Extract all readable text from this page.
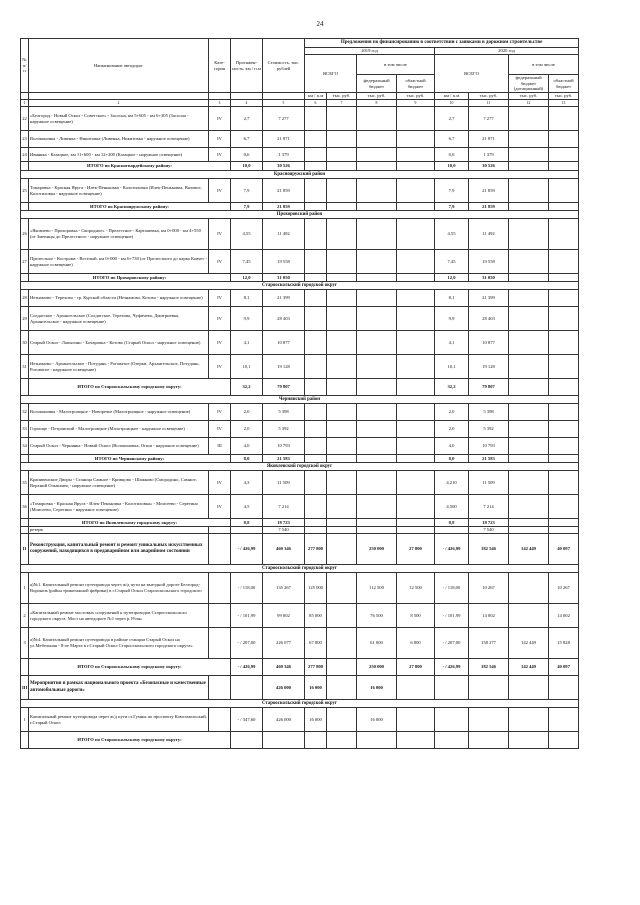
24
№ п/п	Наименование автодорог	Кате-гория	Протяжен-ность, км / п.м	Стоимость, тыс. рублей	Предложения по финансированию в соответствии с заявками в дорожном строительстве							
					2019 год				2020 год			
					ВСЕГО		в том числе		ВСЕГО		в том числе	
							федеральный бюджет	областной бюджет			федеральный бюджет (дотационный)	областной бюджет
					км / п.м	тыс. руб.	тыс. руб.	тыс. руб.	км / п.м	тыс. руб.	тыс. руб.	тыс. руб.
1	2	3	4	5	6	7	8	9	10	11	12	13
22	«Белгород - Новый Оскол - Советское» - Засосна, км 5+605 - км 6+305 (Засосна - наружное освещение)	IV	2,7	7 277					2,7	7 277		
23	Волоконовка - Ливенка - Никитовка (Ливенка, Никитовка - наружное освещение)	IV	6,7	21 871					6,7	21 871		
24	Ивнянка - Казацкое, км 11+600 - км 12+200 (Казацкое - наружное освещение)	IV	0,6	1 379					0,6	1 379		
	ИТОГО по Красногвардейскому району:		10,0	30 526					10,0	30 526		
Краснояружский район												
25	Томаровка - Красная Яруга - Илек-Пеньковка - Колотиловка (Илек-Пеньковка, Вязовое, Колотиловка - наружное освещение)	IV	7,9	21 859					7,9	21 859		
	ИТОГО по Краснояружскому району:		7,9	21 859					7,9	21 859		
Прохоровский район												
26	«Яковлево - Прохоровка - Скородное» - Прелестное - Карташевка, км 0+000 - км 4+550 (от Змеинцы до Прелестного - наружное освещение)	IV	4,55	11 492					4,55	11 492		
27	Прелестное - Кострома - Веселый, км 0+000 - км 6+730 (от Прелестного до парка Ковчег - наружное освещение)	IV	7,45	19 558					7,45	19 558		
	ИТОГО по Прохоровскому району:		12,0	31 050					12,0	31 050		
Старооскольский городской округ												
28	Незнамово - Терехово - гр. Курской области (Незнамово, Котово - наружное освещение)	IV	8,1	21 399					8,1	21 399		
29	Солдатское - Архангельское (Солдатское, Терехово, Чуфичево, Дмитриевка, Архангельское - наружное освещение)	IV	9,9	28 403					9,9	28 403		
30	Старый Оскол - Лапыгино - Бочаровка - Котово (Старый Оскол - наружное освещение)	IV	4,1	10 877					4,1	10 877		
31	Незнамово - Архангельское - Потудань - Роговатое (Озерки, Архангельское, Потудань, Роговатое - наружное освещение)	IV	10,1	19 128					10,1	19 128		
	ИТОГО по Старооскольскому городскому округу:		32,2	79 807					32,2	79 807		
Чернянский район												
32	Волоконовка - Малотроицкое - Новоречье (Малотроицкое - наружное освещение)	IV	2,0	5 398					2,0	5 398		
33	Гороище - Петровский - Малотроицкое (Малотроицкое - наружное освещение)	IV	2,0	5 392					2,0	5 392		
34	Старый Оскол - Чернянка - Новый Оскол (Волоконовка, Огиш - наружное освещение)	III	4,0	10 793					4,0	10 793		
	ИТОГО по Чернянскому району:		8,0	21 583					8,0	21 583		
Яковлевский городской округ												
35	Крапивенские Дворы - Станица Самное - Кривцово - Шажково (Смородино, Самное, Верхний Ольшанец - наружное освещение)	IV	4,3	11 509					4,210	11 509		
36	«Томаровка - Красная Яруга - Илек-Пеньковка - Колотиловка» - Моисеево - Серетино (Моисеево, Серетино - наружное освещение)	IV	4,5	7 214					4,500	7 214		
	ИТОГО по Яковлевскому городскому округу:		8,8	18 723					8,8	18 723		
	резерв			7 540						7 540		
II	Реконструкция, капитальный ремонт и ремонт уникальных искусственных сооружений, находящихся в предаварийном или аварийном состоянии		- / 426,99	460 346	277 800		250 000	27 800	- / 426,99	182 546	142 449	40 097
Старооскольский городской округ												
1	а)№1. Капитальный ремонт путепровода через ж/д пути на выездной дороге Белгород-Воронеж (район трикотажной фабрики) в г.Старый Оскол Старооскольского городского		- / 118,00	135 267	125 000		112 500	12 500	- / 118,00	10 267		10 267
2	«Капитальный ремонт мостовых сооружений к путепроводов Старооскольского городского округа. Мост на автодороге №1 через р.Убля»		- / 101,99	99 002	85 000		76 500	8 500	- / 101,99	14 002		14 002
3	а)№4. Капитальный ремонт путепровода в районе станции Старый Оскол на ул.Мебельная - 8-ое Марта в г.Старый Оскол Старооскольского городского округа»		- / 207,00	226 077	67 800		61 000	6 800	- / 207,00	158 277	142 449	15 828
	ИТОГО по Старооскольскому городскому округу:		- / 426,99	460 346	277 800		250 000	27 800	- / 426,99	182 546	142 449	40 097
III	Мероприятия в рамках национального проекта «Безопасные и качественные автомобильные дороги»			426 000	16 000		16 000					
Старооскольский городской округ												
1	Капитальный ремонт путепровода через ж/д пути ст.Гумны по проспекту Комсомольский, г.Старый Оскол		- / 347,60	426 000	16 000		16 000					
	ИТОГО по Старооскольскому городскому округу:											
